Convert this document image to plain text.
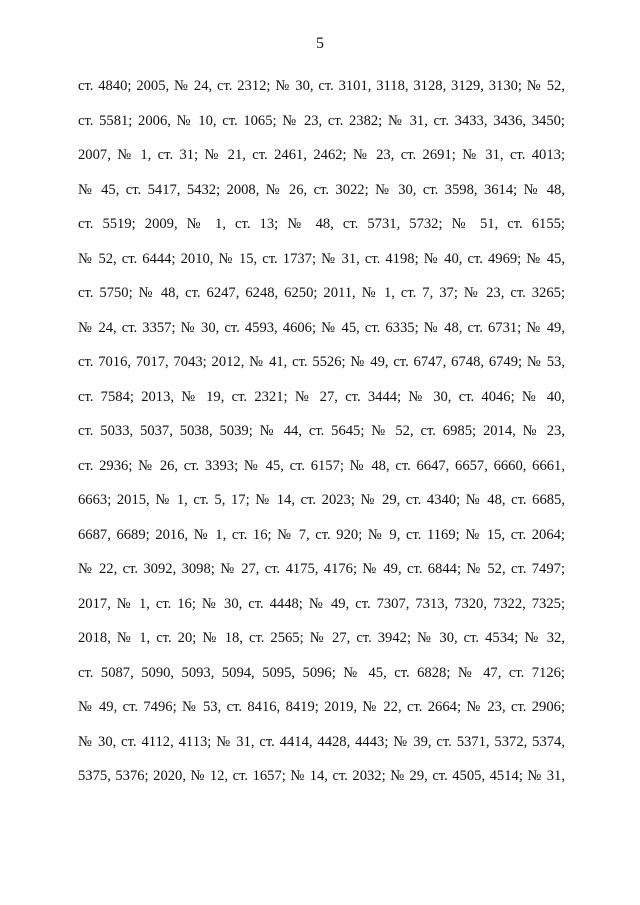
5
ст. 4840; 2005, № 24, ст. 2312; № 30, ст. 3101, 3118, 3128, 3129, 3130; № 52,
ст. 5581; 2006, № 10, ст. 1065; № 23, ст. 2382; № 31, ст. 3433, 3436, 3450;
2007, № 1, ст. 31; № 21, ст. 2461, 2462; № 23, ст. 2691; № 31, ст. 4013;
№ 45, ст. 5417, 5432; 2008, № 26, ст. 3022; № 30, ст. 3598, 3614; № 48,
ст. 5519; 2009, № 1, ст. 13; № 48, ст. 5731, 5732; № 51, ст. 6155;
№ 52, ст. 6444; 2010, № 15, ст. 1737; № 31, ст. 4198; № 40, ст. 4969; № 45,
ст. 5750; № 48, ст. 6247, 6248, 6250; 2011, № 1, ст. 7, 37; № 23, ст. 3265;
№ 24, ст. 3357; № 30, ст. 4593, 4606; № 45, ст. 6335; № 48, ст. 6731; № 49,
ст. 7016, 7017, 7043; 2012, № 41, ст. 5526; № 49, ст. 6747, 6748, 6749; № 53,
ст. 7584; 2013, № 19, ст. 2321; № 27, ст. 3444; № 30, ст. 4046; № 40,
ст. 5033, 5037, 5038, 5039; № 44, ст. 5645; № 52, ст. 6985; 2014, № 23,
ст. 2936; № 26, ст. 3393; № 45, ст. 6157; № 48, ст. 6647, 6657, 6660, 6661,
6663; 2015, № 1, ст. 5, 17; № 14, ст. 2023; № 29, ст. 4340; № 48, ст. 6685,
6687, 6689; 2016, № 1, ст. 16; № 7, ст. 920; № 9, ст. 1169; № 15, ст. 2064;
№ 22, ст. 3092, 3098; № 27, ст. 4175, 4176; № 49, ст. 6844; № 52, ст. 7497;
2017, № 1, ст. 16; № 30, ст. 4448; № 49, ст. 7307, 7313, 7320, 7322, 7325;
2018, № 1, ст. 20; № 18, ст. 2565; № 27, ст. 3942; № 30, ст. 4534; № 32,
ст. 5087, 5090, 5093, 5094, 5095, 5096; № 45, ст. 6828; № 47, ст. 7126;
№ 49, ст. 7496; № 53, ст. 8416, 8419; 2019, № 22, ст. 2664; № 23, ст. 2906;
№ 30, ст. 4112, 4113; № 31, ст. 4414, 4428, 4443; № 39, ст. 5371, 5372, 5374,
5375, 5376; 2020, № 12, ст. 1657; № 14, ст. 2032; № 29, ст. 4505, 4514; № 31,
